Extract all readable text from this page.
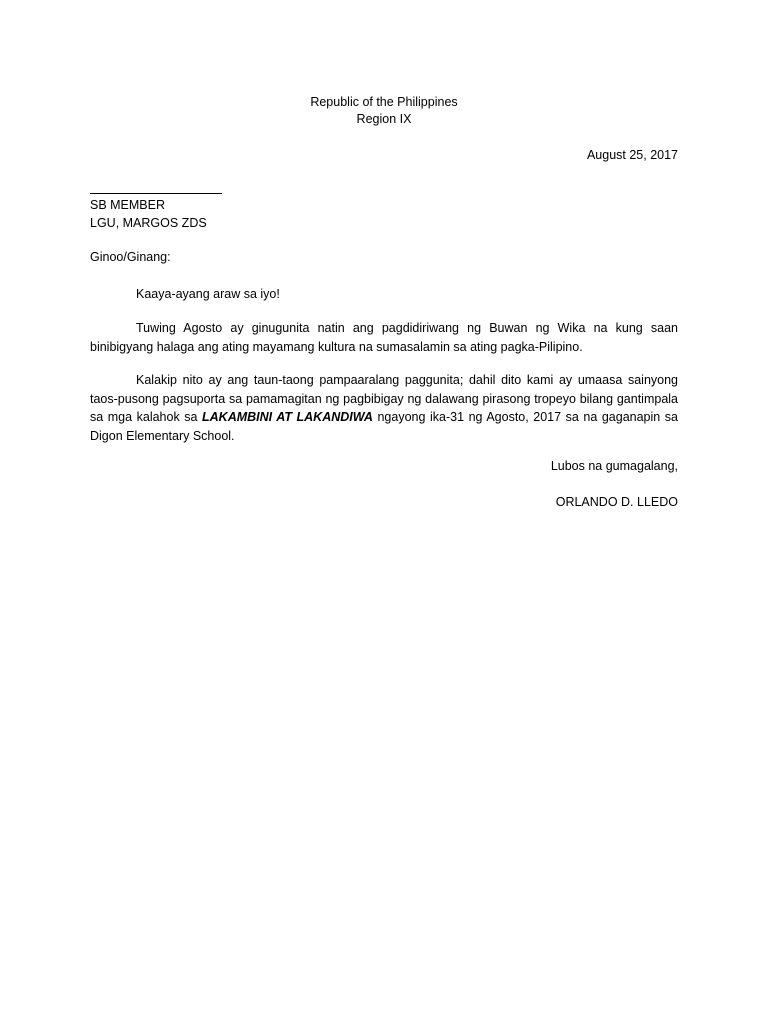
Republic of the Philippines
Region IX
August 25, 2017
SB MEMBER
LGU, MARGOS ZDS
Ginoo/Ginang:
Kaaya-ayang araw sa iyo!
Tuwing Agosto ay ginugunita natin ang pagdidiriwang ng Buwan ng Wika na kung saan binibigyang halaga ang ating mayamang kultura na sumasalamin sa ating pagka-Pilipino.
Kalakip nito ay ang taun-taong pampaaralang paggunita; dahil dito kami ay umaasa sainyong taos-pusong pagsuporta sa pamamagitan ng pagbibigay ng dalawang pirasong tropeyo bilang gantimpala sa mga kalahok sa LAKAMBINI AT LAKANDIWA ngayong ika-31 ng Agosto, 2017 sa na gaganapin sa Digon Elementary School.
Lubos na gumagalang,
ORLANDO D. LLEDO
